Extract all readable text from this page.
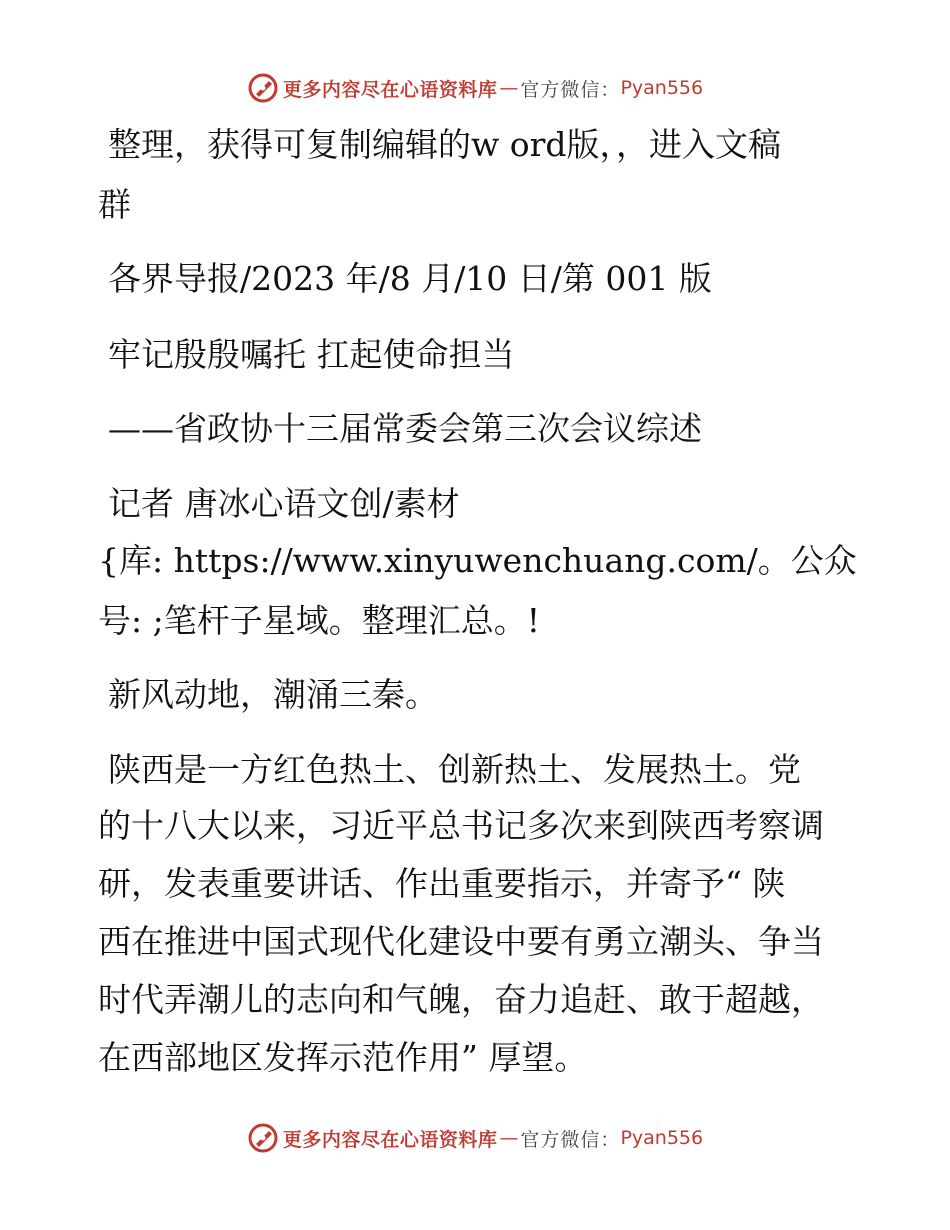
更多内容尽在心语资料库 — 官方微信： Pyan556
整理，获得可复制编辑的w ord版，，进入文稿
群
各界导报/2023 年/8 月/10 日/第 001 版
牢记殷殷嘱托 扛起使命担当
——省政协十三届常委会第三次会议综述
记者 唐冰心语文创/素材
{库: https://www.xinyuwenchuang.com/。公众
号: ;笔杆子星域。整理汇总。!
新风动地，潮涌三秦。
陕西是一方红色热土、创新热土、发展热土。党
的十八大以来，习近平总书记多次来到陕西考察调
研，发表重要讲话、作出重要指示，并寄予“ 陕
西在推进中国式现代化建设中要有勇立潮头、争当
时代弄潮儿的志向和气魄，奋力追赶、敢于超越，
在西部地区发挥示范作用” 厚望。
更多内容尽在心语资料库 — 官方微信： Pyan556
